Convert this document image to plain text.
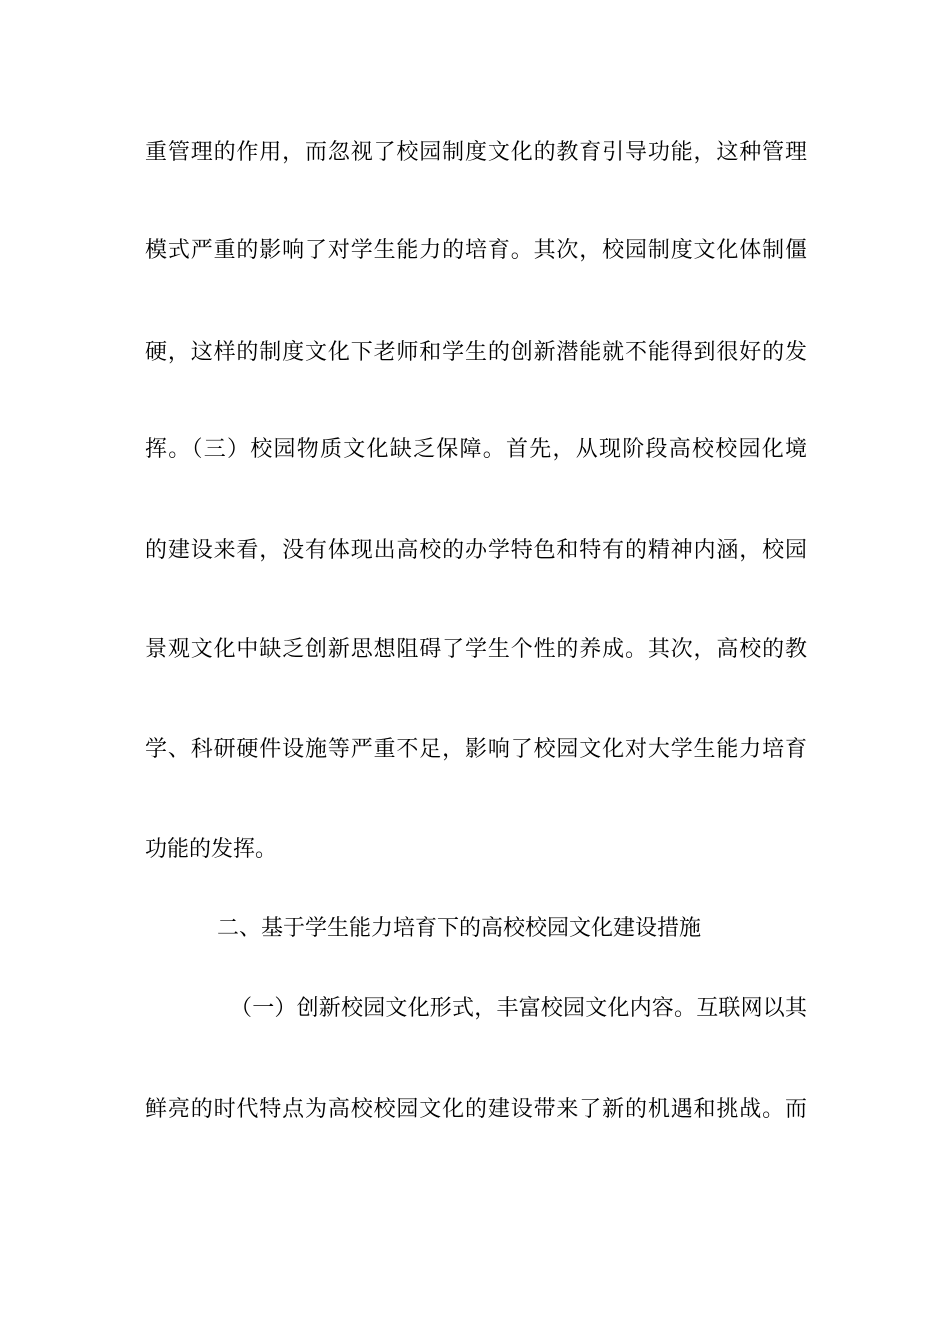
重管理的作用，而忽视了校园制度文化的教育引导功能，这种管理
模式严重的影响了对学生能力的培育。其次，校园制度文化体制僵
硬，这样的制度文化下老师和学生的创新潜能就不能得到很好的发
挥。（三）校园物质文化缺乏保障。首先，从现阶段高校校园化境
的建设来看，没有体现出高校的办学特色和特有的精神内涵，校园
景观文化中缺乏创新思想阻碍了学生个性的养成。其次，高校的教
学、科研硬件设施等严重不足，影响了校园文化对大学生能力培育
功能的发挥。
二、基于学生能力培育下的高校校园文化建设措施
（一）创新校园文化形式，丰富校园文化内容。互联网以其
鲜亮的时代特点为高校校园文化的建设带来了新的机遇和挑战。而
